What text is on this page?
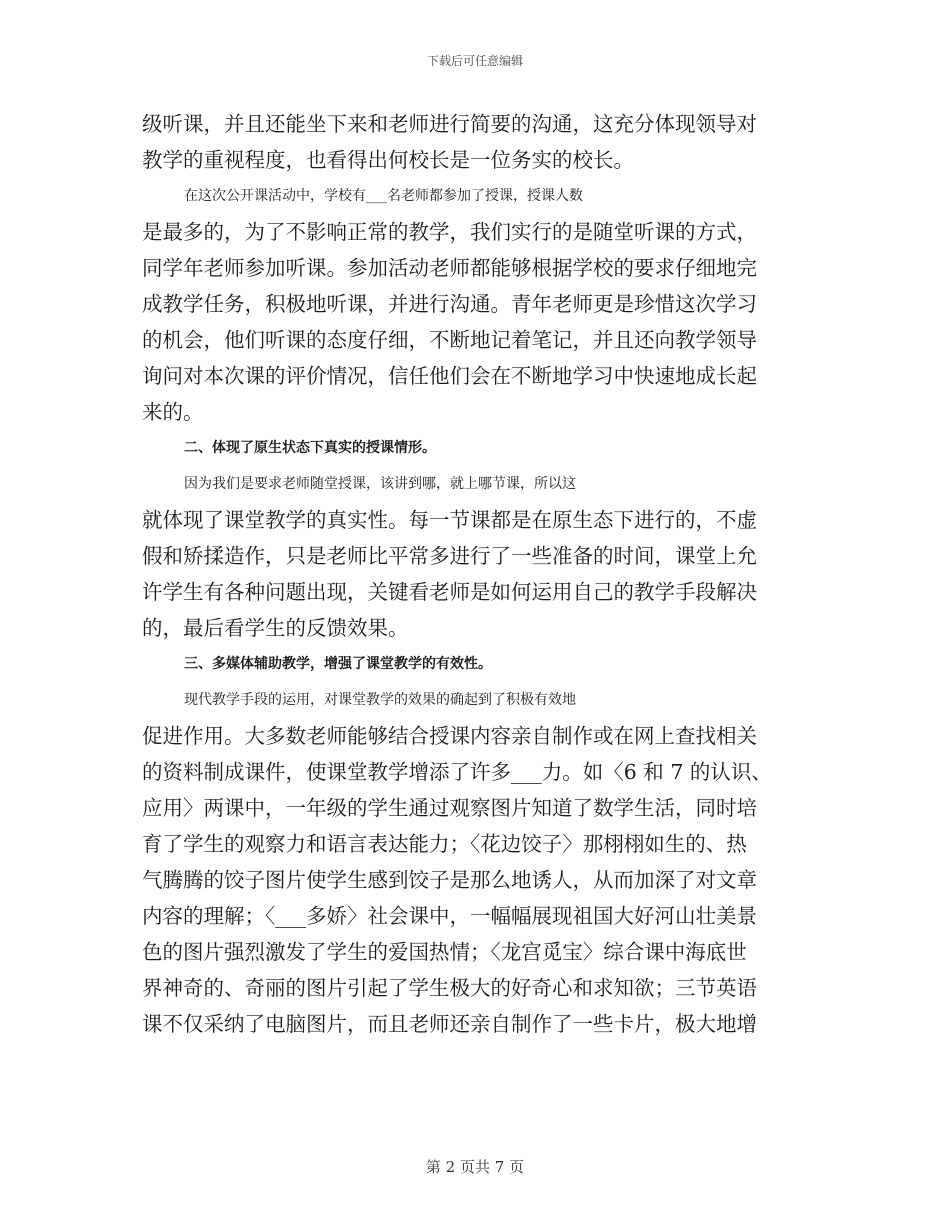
下载后可任意编辑

级听课，并且还能坐下来和老师进行简要的沟通，这充分体现领导对

教学的重视程度，也看得出何校长是一位务实的校长。

在这次公开课活动中，学校有___名老师都参加了授课，授课人数

是最多的，为了不影响正常的教学，我们实行的是随堂听课的方式，

同学年老师参加听课。参加活动老师都能够根据学校的要求仔细地完

成教学任务，积极地听课，并进行沟通。青年老师更是珍惜这次学习

的机会，他们听课的态度仔细，不断地记着笔记，并且还向教学领导

询问对本次课的评价情况，信任他们会在不断地学习中快速地成长起

来的。

二、体现了原生状态下真实的授课情形。

因为我们是要求老师随堂授课，该讲到哪，就上哪节课，所以这

就体现了课堂教学的真实性。每一节课都是在原生态下进行的，不虚

假和矫揉造作，只是老师比平常多进行了一些准备的时间，课堂上允

许学生有各种问题出现，关键看老师是如何运用自己的教学手段解决

的，最后看学生的反馈效果。

三、多媒体辅助教学，增强了课堂教学的有效性。

现代教学手段的运用，对课堂教学的效果的确起到了积极有效地

促进作用。大多数老师能够结合授课内容亲自制作或在网上查找相关

的资料制成课件，使课堂教学增添了许多___力。如〈6 和 7 的认识、

应用〉两课中，一年级的学生通过观察图片知道了数学生活，同时培

育了学生的观察力和语言表达能力；〈花边饺子〉那栩栩如生的、热

气腾腾的饺子图片使学生感到饺子是那么地诱人，从而加深了对文章

内容的理解；〈___多娇〉社会课中，一幅幅展现祖国大好河山壮美景

色的图片强烈激发了学生的爱国热情；〈龙宫觅宝〉综合课中海底世

界神奇的、奇丽的图片引起了学生极大的好奇心和求知欲；三节英语

课不仅采纳了电脑图片，而且老师还亲自制作了一些卡片，极大地增

第 2 页共 7 页
